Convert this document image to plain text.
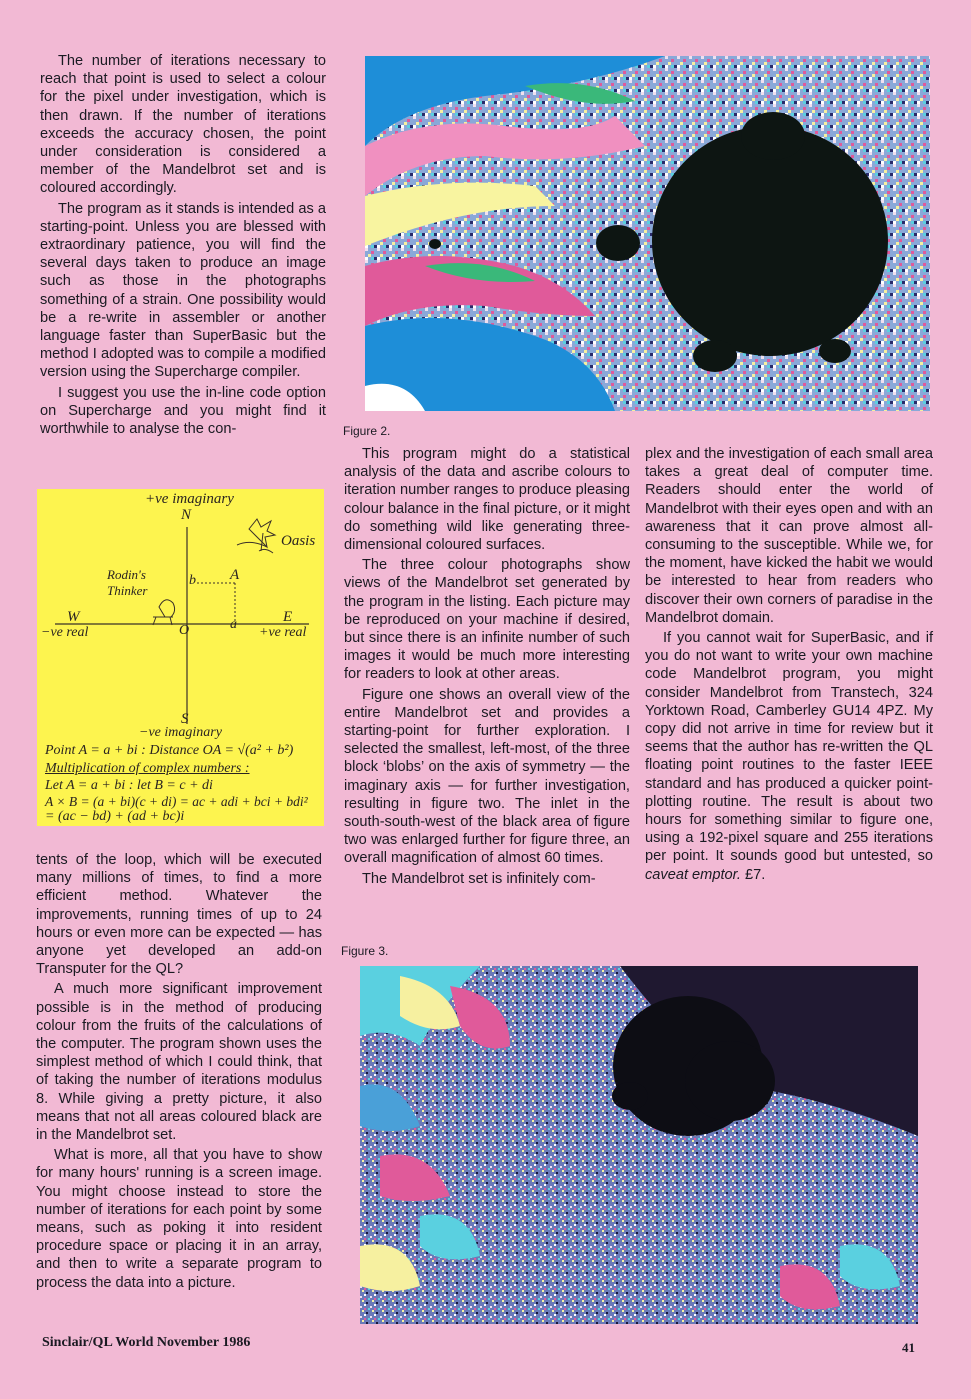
The number of iterations necessary to reach that point is used to select a colour for the pixel under investigation, which is then drawn. If the number of iterations exceeds the accuracy chosen, the point under consideration is considered a member of the Mandelbrot set and is coloured accordingly.

The program as it stands is intended as a starting-point. Unless you are blessed with extraordinary patience, you will find the several days taken to produce an image such as those in the photographs something of a strain. One possibility would be a re-write in assembler or another language faster than SuperBasic but the method I adopted was to compile a modified version using the Supercharge compiler.

I suggest you use the in-line code option on Supercharge and you might find it worthwhile to analyse the con-

+ve imaginary
N
Oasis
Rodin's
Thinker
b A
W	E
−ve real	O	a
+ve real
S
−ve imaginary
Point A = a + bi : Distance OA = √(a² + b²)
Multiplication of complex numbers :
Let A = a + bi : let B = c + di
A × B = (a + bi)(c + di) = ac + adi + bci + bdi²
= (ac − bd) + (ad + bc)i

tents of the loop, which will be executed many millions of times, to find a more efficient method. Whatever the improvements, running times of up to 24 hours or even more can be expected — has anyone yet developed an add-on Transputer for the QL?

A much more significant improvement possible is in the method of producing colour from the fruits of the calculations of the computer. The program shown uses the simplest method of which I could think, that of taking the number of iterations modulus 8. While giving a pretty picture, it also means that not all areas coloured black are in the Mandelbrot set.

What is more, all that you have to show for many hours' running is a screen image. You might choose instead to store the number of iterations for each point by some means, such as poking it into resident procedure space or placing it in an array, and then to write a separate program to process the data into a picture.

Figure 2.

This program might do a statistical analysis of the data and ascribe colours to iteration number ranges to produce pleasing colour balance in the final picture, or it might do something wild like generating three-dimensional coloured surfaces.

The three colour photographs show views of the Mandelbrot set generated by the program in the listing. Each picture may be reproduced on your machine if desired, but since there is an infinite number of such images it would be much more interesting for readers to look at other areas.

Figure one shows an overall view of the entire Mandelbrot set and provides a starting-point for further exploration. I selected the smallest, left-most, of the three block ‘blobs’ on the axis of symmetry — the imaginary axis — for further investigation, resulting in figure two. The inlet in the south-south-west of the black area of figure two was enlarged further for figure three, an overall magnification of almost 60 times.

The Mandelbrot set is infinitely com-

plex and the investigation of each small area takes a great deal of computer time. Readers should enter the world of Mandelbrot with their eyes open and with an awareness that it can prove almost all-consuming to the susceptible. While we, for the moment, have kicked the habit we would be interested to hear from readers who discover their own corners of paradise in the Mandelbrot domain.

If you cannot wait for SuperBasic, and if you do not want to write your own machine code Mandelbrot program, you might consider Mandelbrot from Transtech, 324 Yorktown Road, Camberley GU14 4PZ. My copy did not arrive in time for review but it seems that the author has re-written the QL floating point routines to the faster IEEE standard and has produced a quicker point-plotting routine. The result is about two hours for something similar to figure one, using a 192-pixel square and 255 iterations per point. It sounds good but untested, so caveat emptor. £7.

Figure 3.
Sinclair/QL World November 1986	41
